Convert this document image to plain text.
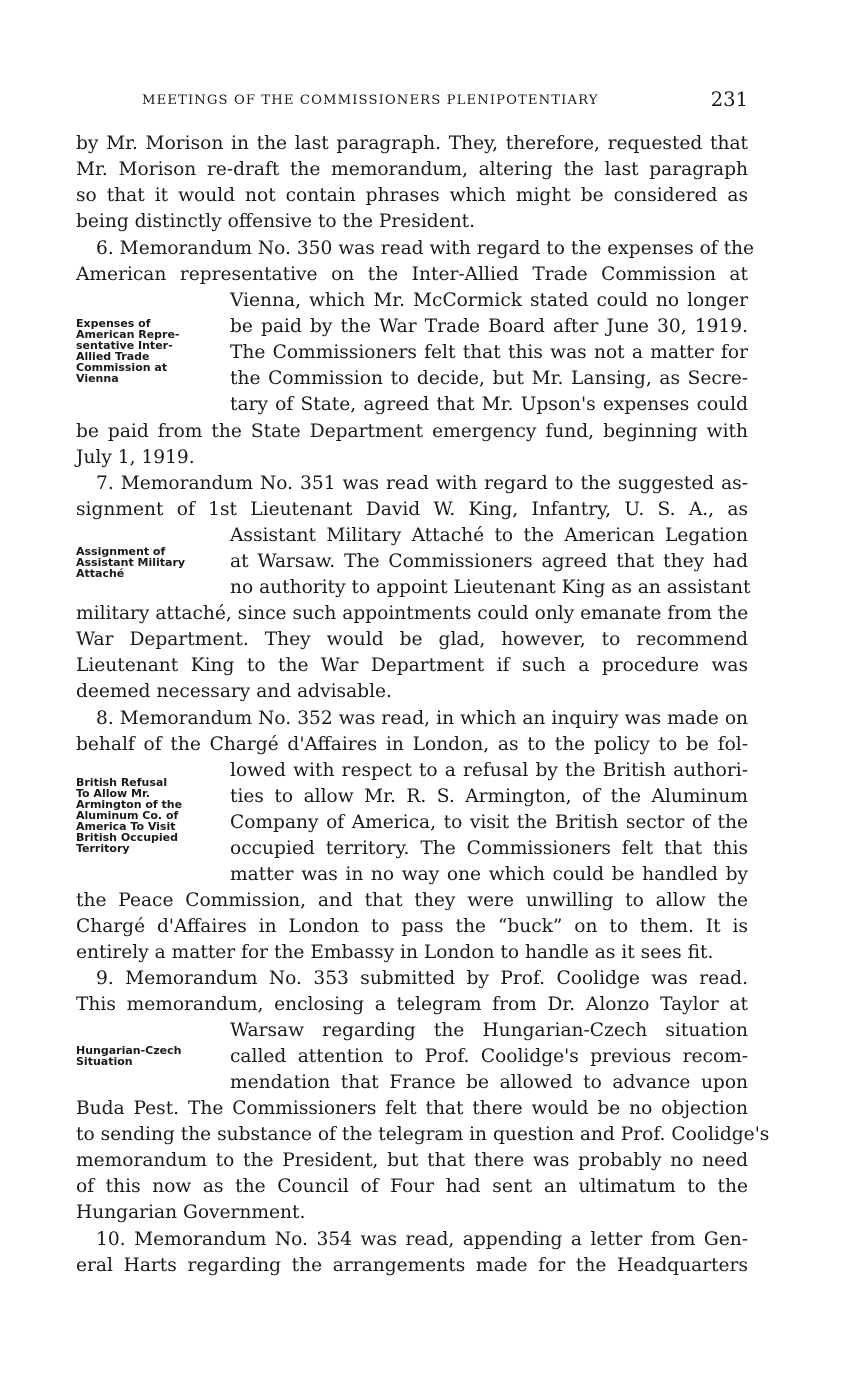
MEETINGS OF THE COMMISSIONERS PLENIPOTENTIARY	231
by Mr. Morison in the last paragraph. They, therefore, requested that
Mr. Morison re-draft the memorandum, altering the last paragraph
so that it would not contain phrases which might be considered as
being distinctly offensive to the President.
6. Memorandum No. 350 was read with regard to the expenses of the
American representative on the Inter-Allied Trade Commission at
Vienna, which Mr. McCormick stated could no longer
be paid by the War Trade Board after June 30, 1919.
The Commissioners felt that this was not a matter for
the Commission to decide, but Mr. Lansing, as Secre-
tary of State, agreed that Mr. Upson's expenses could
be paid from the State Department emergency fund, beginning with
July 1, 1919.
7. Memorandum No. 351 was read with regard to the suggested as-
signment of 1st Lieutenant David W. King, Infantry, U. S. A., as
Assistant Military Attaché to the American Legation
at Warsaw. The Commissioners agreed that they had
no authority to appoint Lieutenant King as an assistant
military attaché, since such appointments could only emanate from the
War Department. They would be glad, however, to recommend
Lieutenant King to the War Department if such a procedure was
deemed necessary and advisable.
8. Memorandum No. 352 was read, in which an inquiry was made on
behalf of the Chargé d'Affaires in London, as to the policy to be fol-
lowed with respect to a refusal by the British authori-
ties to allow Mr. R. S. Armington, of the Aluminum
Company of America, to visit the British sector of the
occupied territory. The Commissioners felt that this
matter was in no way one which could be handled by
the Peace Commission, and that they were unwilling to allow the
Chargé d'Affaires in London to pass the “buck” on to them. It is
entirely a matter for the Embassy in London to handle as it sees fit.
9. Memorandum No. 353 submitted by Prof. Coolidge was read.
This memorandum, enclosing a telegram from Dr. Alonzo Taylor at
Warsaw regarding the Hungarian-Czech situation
called attention to Prof. Coolidge's previous recom-
mendation that France be allowed to advance upon
Buda Pest. The Commissioners felt that there would be no objection
to sending the substance of the telegram in question and Prof. Coolidge's
memorandum to the President, but that there was probably no need
of this now as the Council of Four had sent an ultimatum to the
Hungarian Government.
10. Memorandum No. 354 was read, appending a letter from Gen-
eral Harts regarding the arrangements made for the Headquarters
Expenses of
American Repre-
sentative Inter-
Allied Trade
Commission at
Vienna
Assignment of
Assistant Military
Attaché
British Refusal
To Allow Mr.
Armington of the
Aluminum Co. of
America To Visit
British Occupied
Territory
Hungarian-Czech
Situation
